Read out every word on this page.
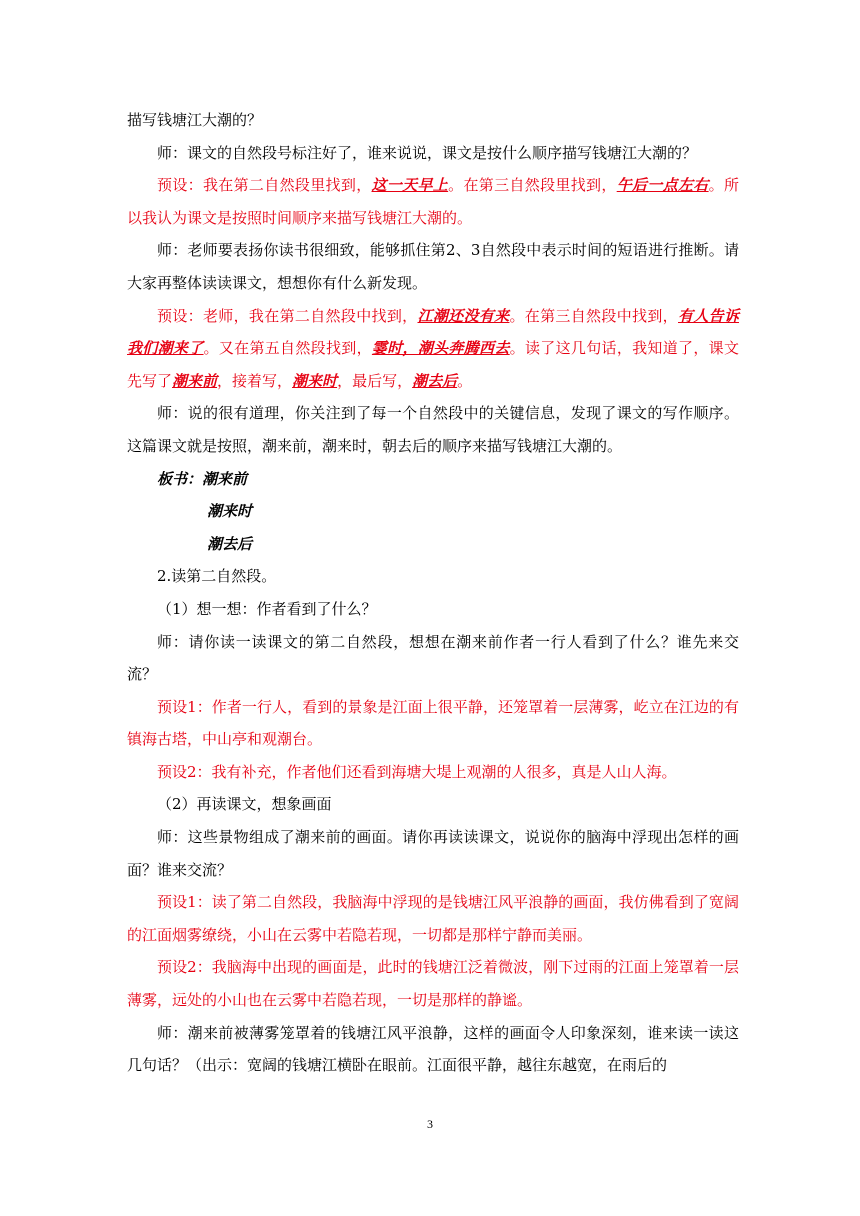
描写钱塘江大潮的？

师：课文的自然段号标注好了，谁来说说，课文是按什么顺序描写钱塘江大潮的？

预设：我在第二自然段里找到，这一天早上。在第三自然段里找到，午后一点左右。所以我认为课文是按照时间顺序来描写钱塘江大潮的。

师：老师要表扬你读书很细致，能够抓住第2、3自然段中表示时间的短语进行推断。请大家再整体读读课文，想想你有什么新发现。

预设：老师，我在第二自然段中找到，江潮还没有来。在第三自然段中找到，有人告诉我们潮来了。又在第五自然段找到，霎时，潮头奔腾西去。读了这几句话，我知道了，课文先写了潮来前，接着写，潮来时，最后写，潮去后。

师：说的很有道理，你关注到了每一个自然段中的关键信息，发现了课文的写作顺序。这篇课文就是按照，潮来前，潮来时，朝去后的顺序来描写钱塘江大潮的。

板书：潮来前

潮来时

潮去后

2.读第二自然段。

（1）想一想：作者看到了什么？

师：请你读一读课文的第二自然段，想想在潮来前作者一行人看到了什么？谁先来交流？

预设1：作者一行人，看到的景象是江面上很平静，还笼罩着一层薄雾，屹立在江边的有镇海古塔，中山亭和观潮台。

预设2：我有补充，作者他们还看到海塘大堤上观潮的人很多，真是人山人海。

（2）再读课文，想象画面

师：这些景物组成了潮来前的画面。请你再读读课文，说说你的脑海中浮现出怎样的画面？谁来交流？

预设1：读了第二自然段，我脑海中浮现的是钱塘江风平浪静的画面，我仿佛看到了宽阔的江面烟雾缭绕，小山在云雾中若隐若现，一切都是那样宁静而美丽。

预设2：我脑海中出现的画面是，此时的钱塘江泛着微波，刚下过雨的江面上笼罩着一层薄雾，远处的小山也在云雾中若隐若现，一切是那样的静谧。

师：潮来前被薄雾笼罩着的钱塘江风平浪静，这样的画面令人印象深刻，谁来读一读这几句话？（出示：宽阔的钱塘江横卧在眼前。江面很平静，越往东越宽，在雨后的

3
